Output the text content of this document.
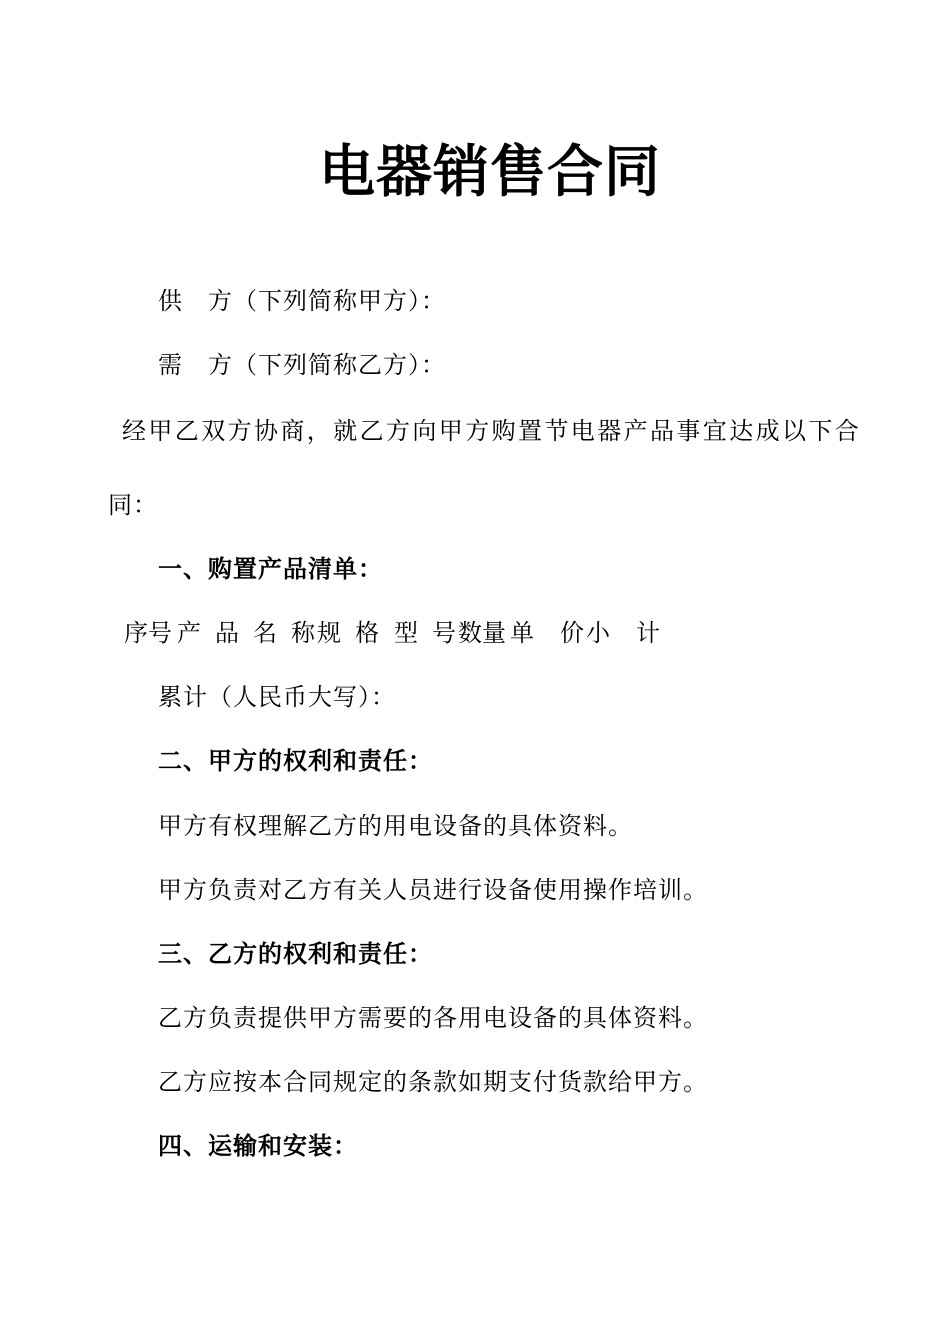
电器销售合同
供　方（下列简称甲方）：
需　方（下列简称乙方）：
经甲乙双方协商，就乙方向甲方购置节电器产品事宜达成以下合
同：
一、购置产品清单：
序号 产 品 名 称 规 格 型 号 数量 单 价 小 计
累计（人民币大写）：
二、甲方的权利和责任：
甲方有权理解乙方的用电设备的具体资料。
甲方负责对乙方有关人员进行设备使用操作培训。
三、乙方的权利和责任：
乙方负责提供甲方需要的各用电设备的具体资料。
乙方应按本合同规定的条款如期支付货款给甲方。
四、运输和安装：
